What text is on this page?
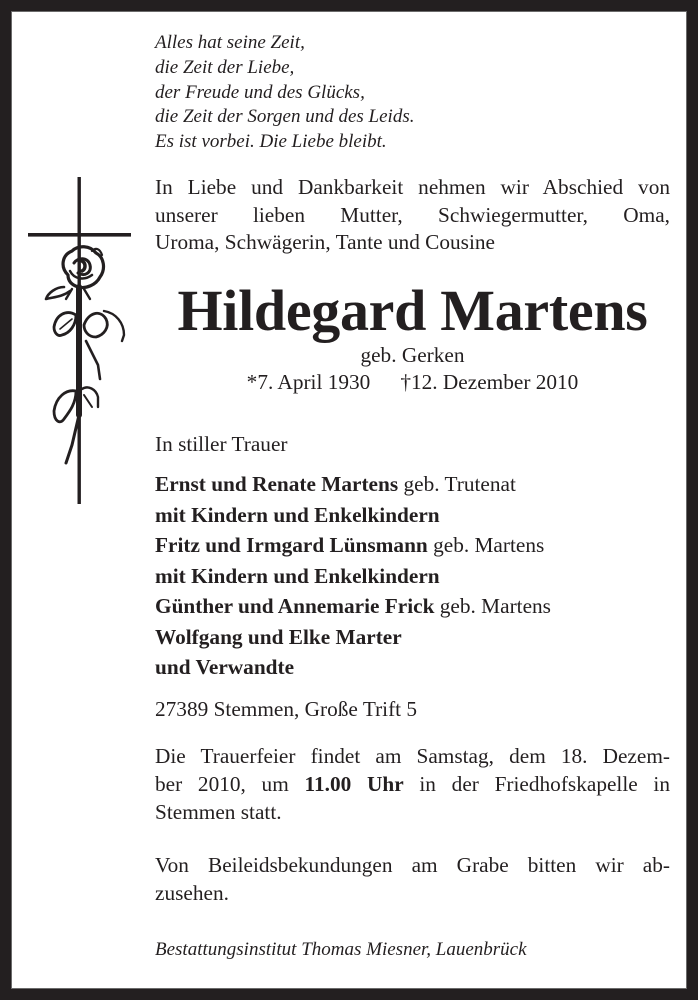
Alles hat seine Zeit,
die Zeit der Liebe,
der Freude und des Glücks,
die Zeit der Sorgen und des Leids.
Es ist vorbei. Die Liebe bleibt.
In Liebe und Dankbarkeit nehmen wir Abschied von
unserer lieben Mutter, Schwiegermutter, Oma,
Uroma, Schwägerin, Tante und Cousine
Hildegard Martens
geb. Gerken
*7. April 1930 †12. Dezember 2010
In stiller Trauer
Ernst und Renate Martens geb. Trutenat
mit Kindern und Enkelkindern
Fritz und Irmgard Lünsmann geb. Martens
mit Kindern und Enkelkindern
Günther und Annemarie Frick geb. Martens
Wolfgang und Elke Marter
und Verwandte
27389 Stemmen, Große Trift 5
Die Trauerfeier findet am Samstag, dem 18. Dezem-
ber 2010, um 11.00 Uhr in der Friedhofskapelle in
Stemmen statt.
Von Beileidsbekundungen am Grabe bitten wir ab-
zusehen.
Bestattungsinstitut Thomas Miesner, Lauenbrück
